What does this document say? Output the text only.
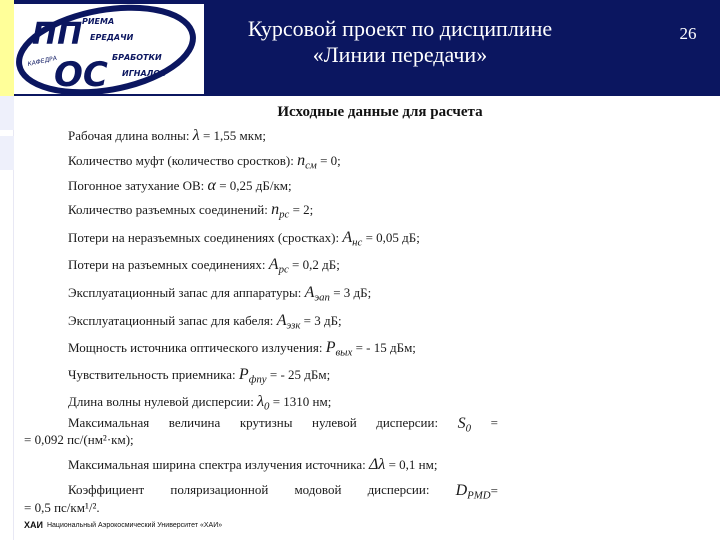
ПП
ОС
РИЕМА
ЕРЕДАЧИ
БРАБОТКИ
ИГНАЛОВ
КАФЕДРА
Курсовой проект по дисциплине
«Линии передачи»
26
Исходные данные для расчета
Рабочая длина волны: λ = 1,55 мкм;
Количество муфт (количество сростков): $n_{см} = 0$;
Погонное затухание ОВ: α = 0,25 дБ/км;
Количество разъемных соединений: $n_{рс} = 2$;
Потери на неразъемных соединениях (сростках): $A_{нс} = 0,05$ дБ;
Потери на разъемных соединениях: $A_{рс} = 0,2$ дБ;
Эксплуатационный запас для аппаратуры: $A_{эап} = 3$ дБ;
Эксплуатационный запас для кабеля: $A_{эзк} = 3$ дБ;
Мощность источника оптического излучения: $P_{вых}$ = - 15 дБм;
Чувствительность приемника: $P_{фпу}$ = - 25 дБм;
Длина волны нулевой дисперсии: $\lambda_0 = 1310$ нм;
Максимальная величина крутизны нулевой дисперсии: $S_0$ =
= 0,092 пс/(нм²·км);
Максимальная ширина спектра излучения источника: Δλ = 0,1 нм;
Коэффициент поляризационной модовой дисперсии: $D_{PMD}=$
= 0,5 пс/км¹/².
ХАИ Национальный Аэрокосмический Университет «ХАИ»
